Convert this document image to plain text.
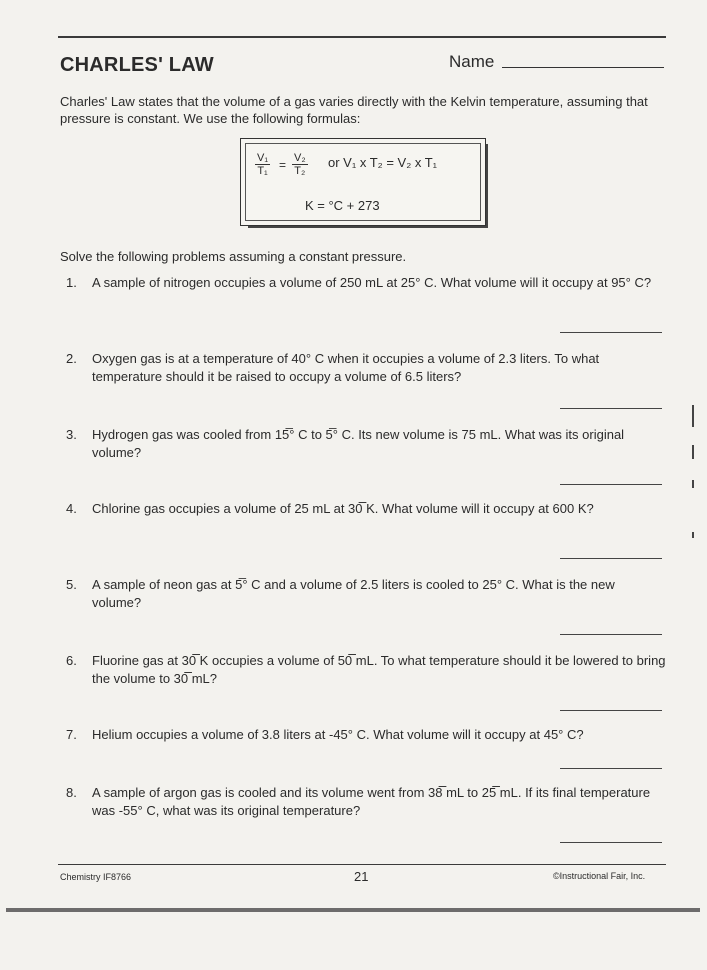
CHARLES' LAW	Name
Charles' Law states that the volume of a gas varies directly with the Kelvin temperature, assuming that pressure is constant. We use the following formulas:
$\frac{\text{V₁}}{\text{T₁}} = \frac{\text{V₂}}{\text{T₂}}$ or V₁ x T₂ = V₂ x T₁
K = °C + 273
Solve the following problems assuming a constant pressure.
1. A sample of nitrogen occupies a volume of 250 mL at 25° C. What volume will it occupy at 95° C?
2. Oxygen gas is at a temperature of 40° C when it occupies a volume of 2.3 liters. To what temperature should it be raised to occupy a volume of 6.5 liters?
3. Hydrogen gas was cooled from 15̅° C to 5̅° C. Its new volume is 75 mL. What was its original volume?
4. Chlorine gas occupies a volume of 25 mL at 30̅̅ K. What volume will it occupy at 600 K?
5. A sample of neon gas at 5̅° C and a volume of 2.5 liters is cooled to 25° C. What is the new volume?
6. Fluorine gas at 30̅̅ K occupies a volume of 50̅̅ mL. To what temperature should it be lowered to bring the volume to 30̅̅ mL?
7. Helium occupies a volume of 3.8 liters at -45° C. What volume will it occupy at 45° C?
8. A sample of argon gas is cooled and its volume went from 38̅̅ mL to 25̅̅ mL. If its final temperature was -55° C, what was its original temperature?
Chemistry IF8766	21	©Instructional Fair, Inc.
